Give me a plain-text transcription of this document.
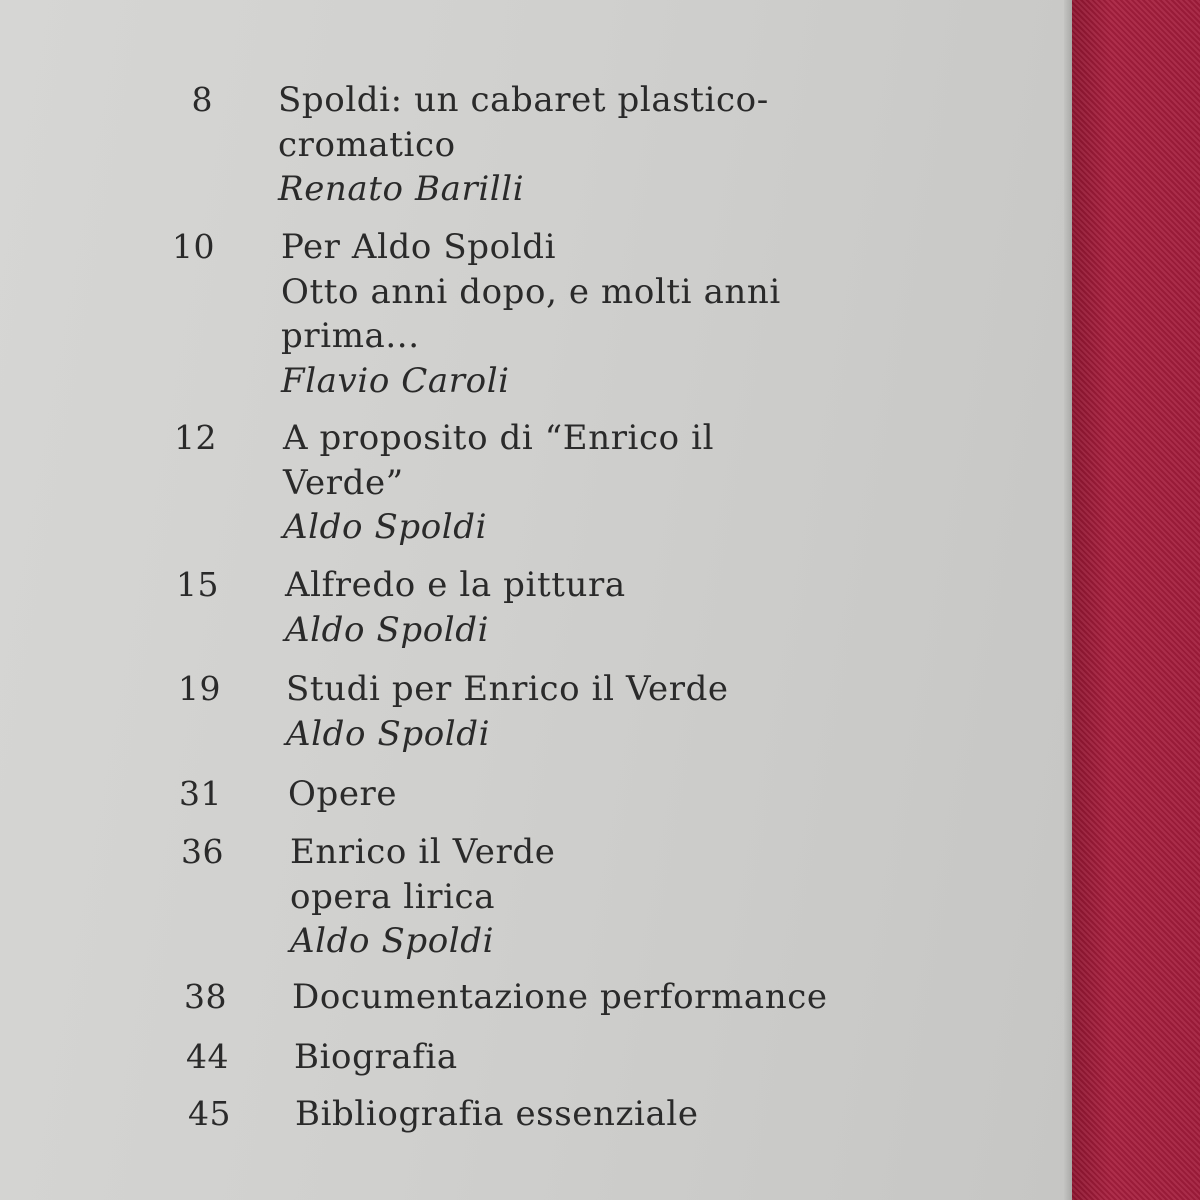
8 Spoldi: un cabaret plastico-
cromatico
Renato Barilli
10 Per Aldo Spoldi
Otto anni dopo, e molti anni
prima...
Flavio Caroli
12 A proposito di “Enrico il
Verde”
Aldo Spoldi
15 Alfredo e la pittura
Aldo Spoldi
19 Studi per Enrico il Verde
Aldo Spoldi
31 Opere
36 Enrico il Verde
opera lirica
Aldo Spoldi
38 Documentazione performance
44 Biografia
45 Bibliografia essenziale
